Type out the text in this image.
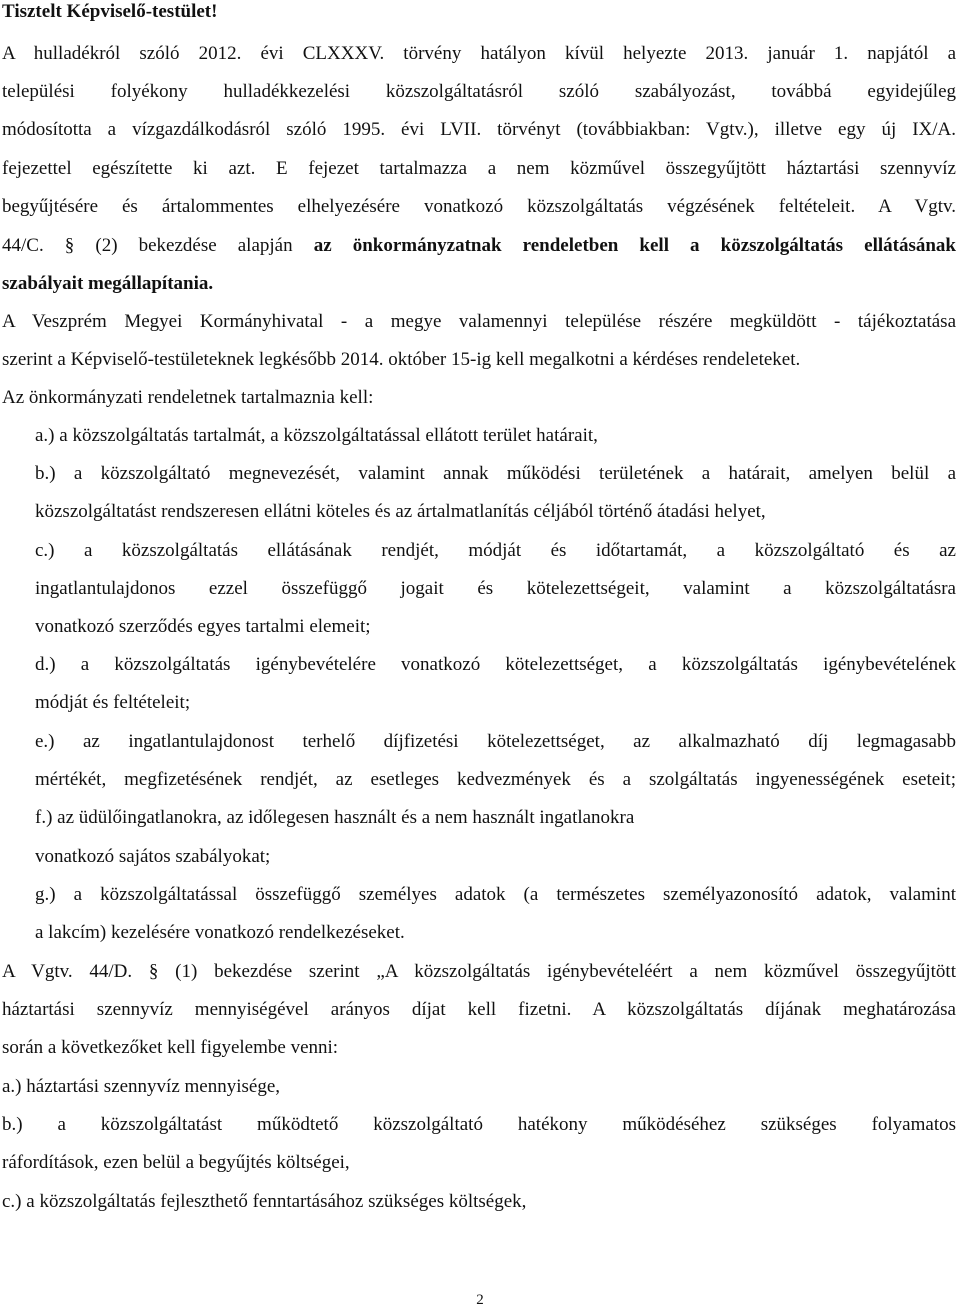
Tisztelt Képviselő-testület!
A hulladékról szóló 2012. évi CLXXXV. törvény hatályon kívül helyezte 2013. január 1. napjától a
települési folyékony hulladékkezelési közszolgáltatásról szóló szabályozást, továbbá egyidejűleg
módosította a vízgazdálkodásról szóló 1995. évi LVII. törvényt (továbbiakban: Vgtv.), illetve egy új IX/A.
fejezettel egészítette ki azt. E fejezet tartalmazza a nem közművel összegyűjtött háztartási szennyvíz
begyűjtésére és ártalommentes elhelyezésére vonatkozó közszolgáltatás végzésének feltételeit. A Vgtv.
44/C. § (2) bekezdése alapján az önkormányzatnak rendeletben kell a közszolgáltatás ellátásának
szabályait megállapítania.
A Veszprém Megyei Kormányhivatal - a megye valamennyi települése részére megküldött - tájékoztatása
szerint a Képviselő-testületeknek legkésőbb 2014. október 15-ig kell megalkotni a kérdéses rendeleteket.
Az önkormányzati rendeletnek tartalmaznia kell:
a.) a közszolgáltatás tartalmát, a közszolgáltatással ellátott terület határait,
b.) a közszolgáltató megnevezését, valamint annak működési területének a határait, amelyen belül a
közszolgáltatást rendszeresen ellátni köteles és az ártalmatlanítás céljából történő átadási helyet,
c.) a közszolgáltatás ellátásának rendjét, módját és időtartamát, a közszolgáltató és az
ingatlantulajdonos ezzel összefüggő jogait és kötelezettségeit, valamint a közszolgáltatásra
vonatkozó szerződés egyes tartalmi elemeit;
d.) a közszolgáltatás igénybevételére vonatkozó kötelezettséget, a közszolgáltatás igénybevételének
módját és feltételeit;
e.) az ingatlantulajdonost terhelő díjfizetési kötelezettséget, az alkalmazható díj legmagasabb
mértékét, megfizetésének rendjét, az esetleges kedvezmények és a szolgáltatás ingyenességének eseteit;
f.) az üdülőingatlanokra, az időlegesen használt és a nem használt ingatlanokra
vonatkozó sajátos szabályokat;
g.) a közszolgáltatással összefüggő személyes adatok (a természetes személyazonosító adatok, valamint
a lakcím) kezelésére vonatkozó rendelkezéseket.
A Vgtv. 44/D. § (1) bekezdése szerint „A közszolgáltatás igénybevételéért a nem közművel összegyűjtött
háztartási szennyvíz mennyiségével arányos díjat kell fizetni. A közszolgáltatás díjának meghatározása
során a következőket kell figyelembe venni:
a.) háztartási szennyvíz mennyisége,
b.) a közszolgáltatást működtető közszolgáltató hatékony működéséhez szükséges folyamatos
ráfordítások, ezen belül a begyűjtés költségei,
c.) a közszolgáltatás fejleszthető fenntartásához szükséges költségek,
2
